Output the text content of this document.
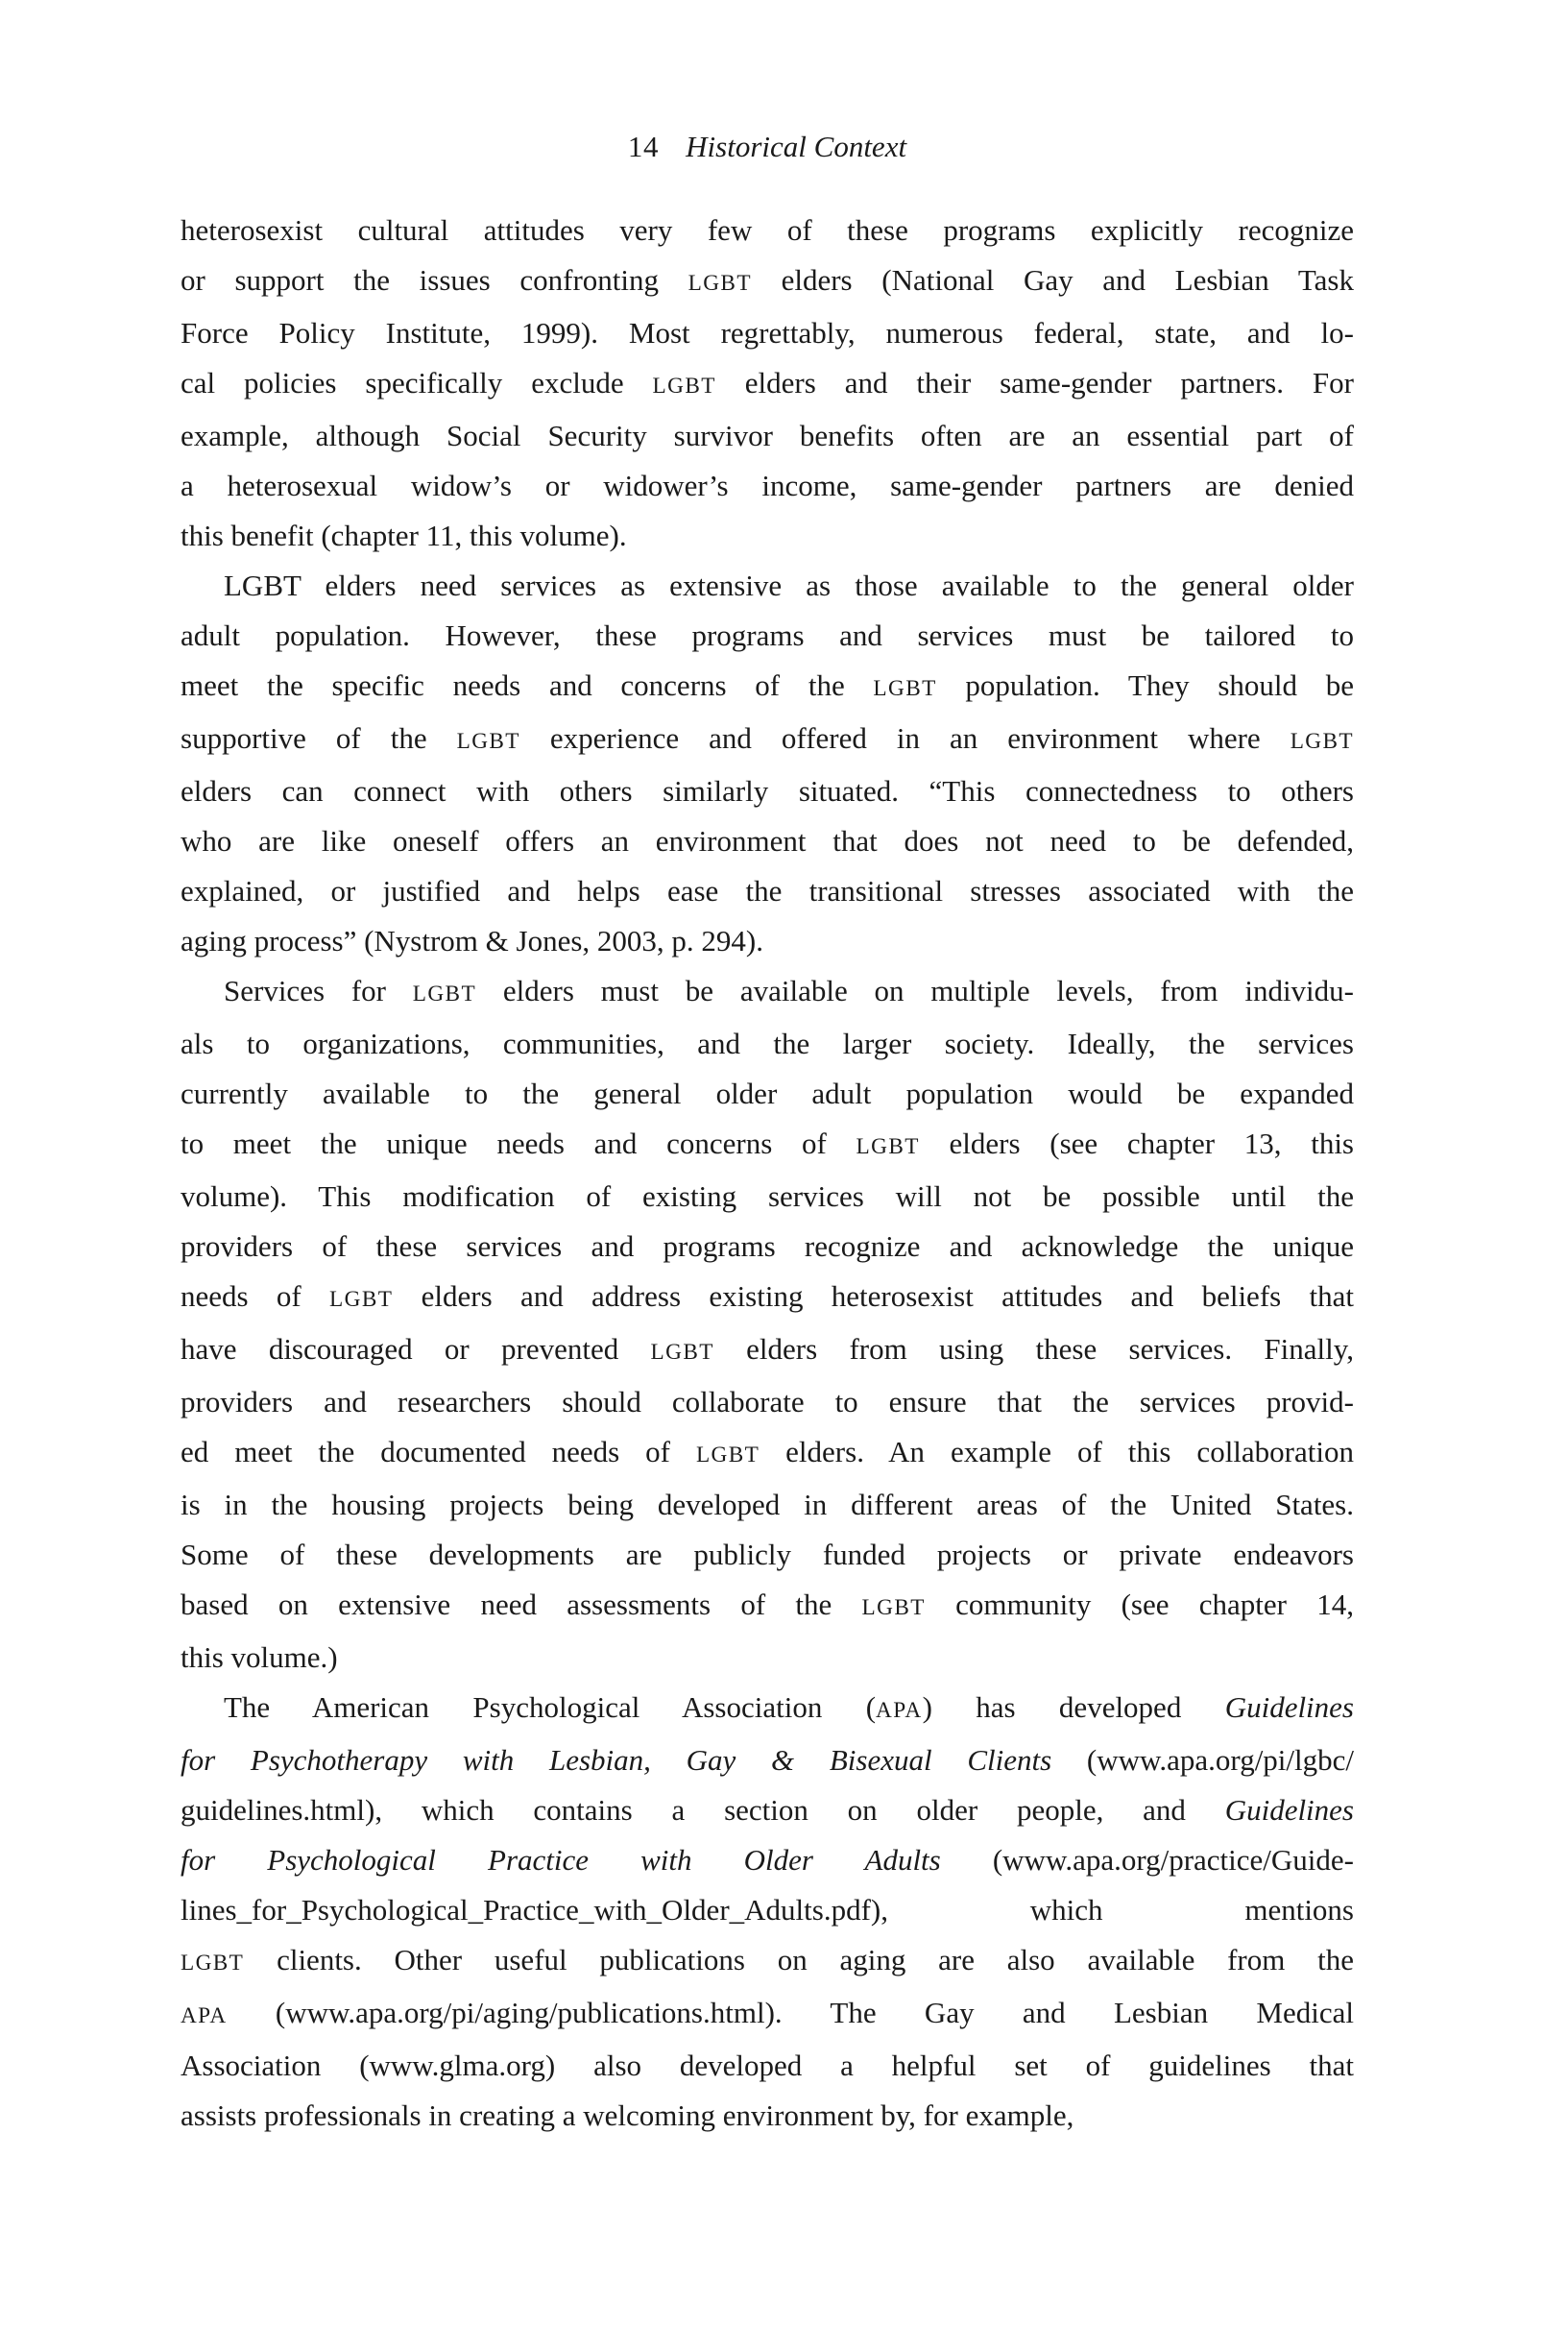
14 Historical Context
heterosexist cultural attitudes very few of these programs explicitly recognize
or support the issues confronting LGBT elders (National Gay and Lesbian Task
Force Policy Institute, 1999). Most regrettably, numerous federal, state, and lo-
cal policies specifically exclude LGBT elders and their same-gender partners. For
example, although Social Security survivor benefits often are an essential part of
a heterosexual widow’s or widower’s income, same-gender partners are denied
this benefit (chapter 11, this volume).
LGBT elders need services as extensive as those available to the general older
adult population. However, these programs and services must be tailored to
meet the specific needs and concerns of the LGBT population. They should be
supportive of the LGBT experience and offered in an environment where LGBT
elders can connect with others similarly situated. “This connectedness to others
who are like oneself offers an environment that does not need to be defended,
explained, or justified and helps ease the transitional stresses associated with the
aging process” (Nystrom & Jones, 2003, p. 294).
Services for LGBT elders must be available on multiple levels, from individu-
als to organizations, communities, and the larger society. Ideally, the services
currently available to the general older adult population would be expanded
to meet the unique needs and concerns of LGBT elders (see chapter 13, this
volume). This modification of existing services will not be possible until the
providers of these services and programs recognize and acknowledge the unique
needs of LGBT elders and address existing heterosexist attitudes and beliefs that
have discouraged or prevented LGBT elders from using these services. Finally,
providers and researchers should collaborate to ensure that the services provid-
ed meet the documented needs of LGBT elders. An example of this collaboration
is in the housing projects being developed in different areas of the United States.
Some of these developments are publicly funded projects or private endeavors
based on extensive need assessments of the LGBT community (see chapter 14,
this volume.)
The American Psychological Association (APA) has developed Guidelines
for Psychotherapy with Lesbian, Gay & Bisexual Clients (www.apa.org/pi/lgbc/
guidelines.html), which contains a section on older people, and Guidelines
for Psychological Practice with Older Adults (www.apa.org/practice/Guide-
lines_for_Psychological_Practice_with_Older_Adults.pdf), which mentions
LGBT clients. Other useful publications on aging are also available from the
APA (www.apa.org/pi/aging/publications.html). The Gay and Lesbian Medical
Association (www.glma.org) also developed a helpful set of guidelines that
assists professionals in creating a welcoming environment by, for example,
